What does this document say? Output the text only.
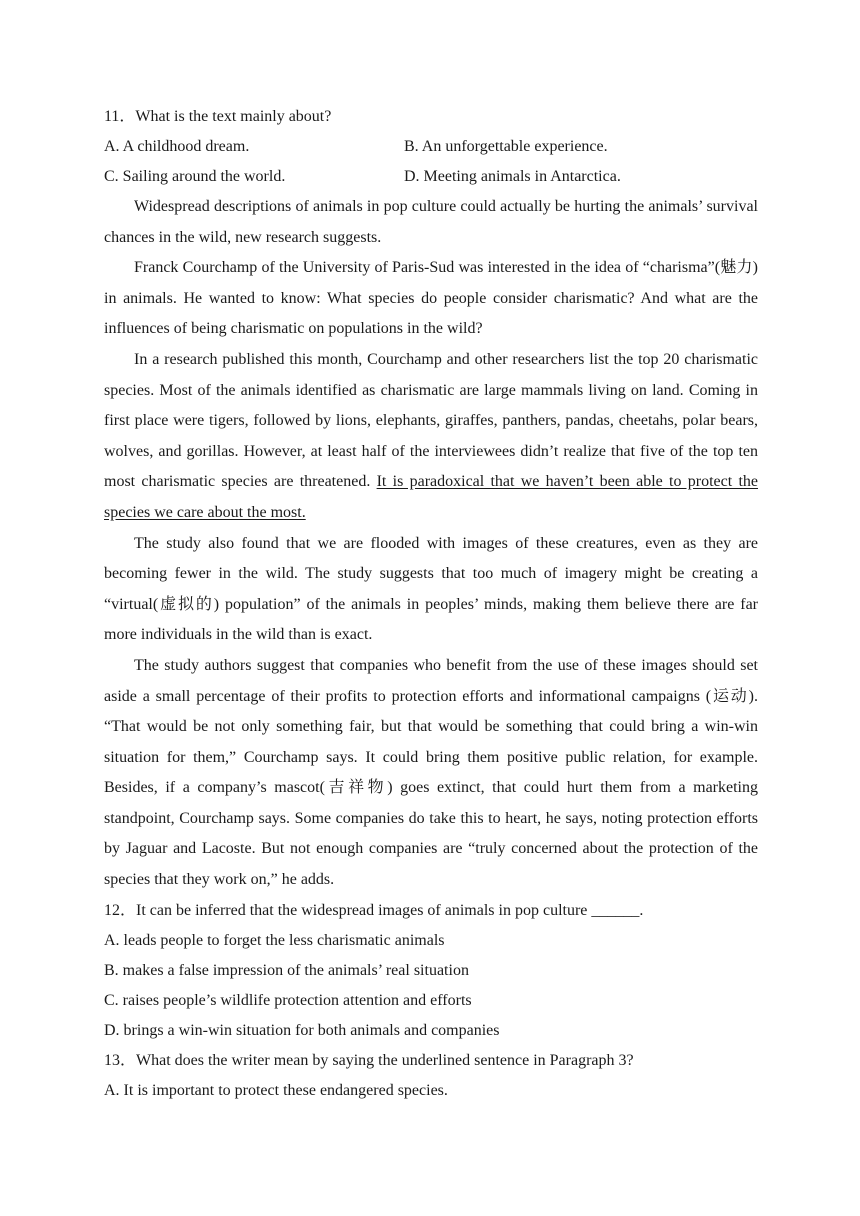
11．What is the text mainly about?

A. A childhood dream.	B. An unforgettable experience.
C. Sailing around the world.	D. Meeting animals in Antarctica.

Widespread descriptions of animals in pop culture could actually be hurting the animals’ survival chances in the wild, new research suggests.

Franck Courchamp of the University of Paris-Sud was interested in the idea of “charisma”(魅力) in animals. He wanted to know: What species do people consider charismatic? And what are the influences of being charismatic on populations in the wild?

In a research published this month, Courchamp and other researchers list the top 20 charismatic species. Most of the animals identified as charismatic are large mammals living on land. Coming in first place were tigers, followed by lions, elephants, giraffes, panthers, pandas, cheetahs, polar bears, wolves, and gorillas. However, at least half of the interviewees didn’t realize that five of the top ten most charismatic species are threatened. It is paradoxical that we haven’t been able to protect the species we care about the most.

The study also found that we are flooded with images of these creatures, even as they are becoming fewer in the wild. The study suggests that too much of imagery might be creating a “virtual(虚拟的) population” of the animals in peoples’ minds, making them believe there are far more individuals in the wild than is exact.

The study authors suggest that companies who benefit from the use of these images should set aside a small percentage of their profits to protection efforts and informational campaigns (运动). “That would be not only something fair, but that would be something that could bring a win-win situation for them,” Courchamp says. It could bring them positive public relation, for example. Besides, if a company’s mascot(吉祥物) goes extinct, that could hurt them from a marketing standpoint, Courchamp says. Some companies do take this to heart, he says, noting protection efforts by Jaguar and Lacoste. But not enough companies are “truly concerned about the protection of the species that they work on,” he adds.

12．It can be inferred that the widespread images of animals in pop culture ______.

A. leads people to forget the less charismatic animals

B. makes a false impression of the animals’ real situation

C. raises people’s wildlife protection attention and efforts

D. brings a win-win situation for both animals and companies

13．What does the writer mean by saying the underlined sentence in Paragraph 3?

A. It is important to protect these endangered species.
